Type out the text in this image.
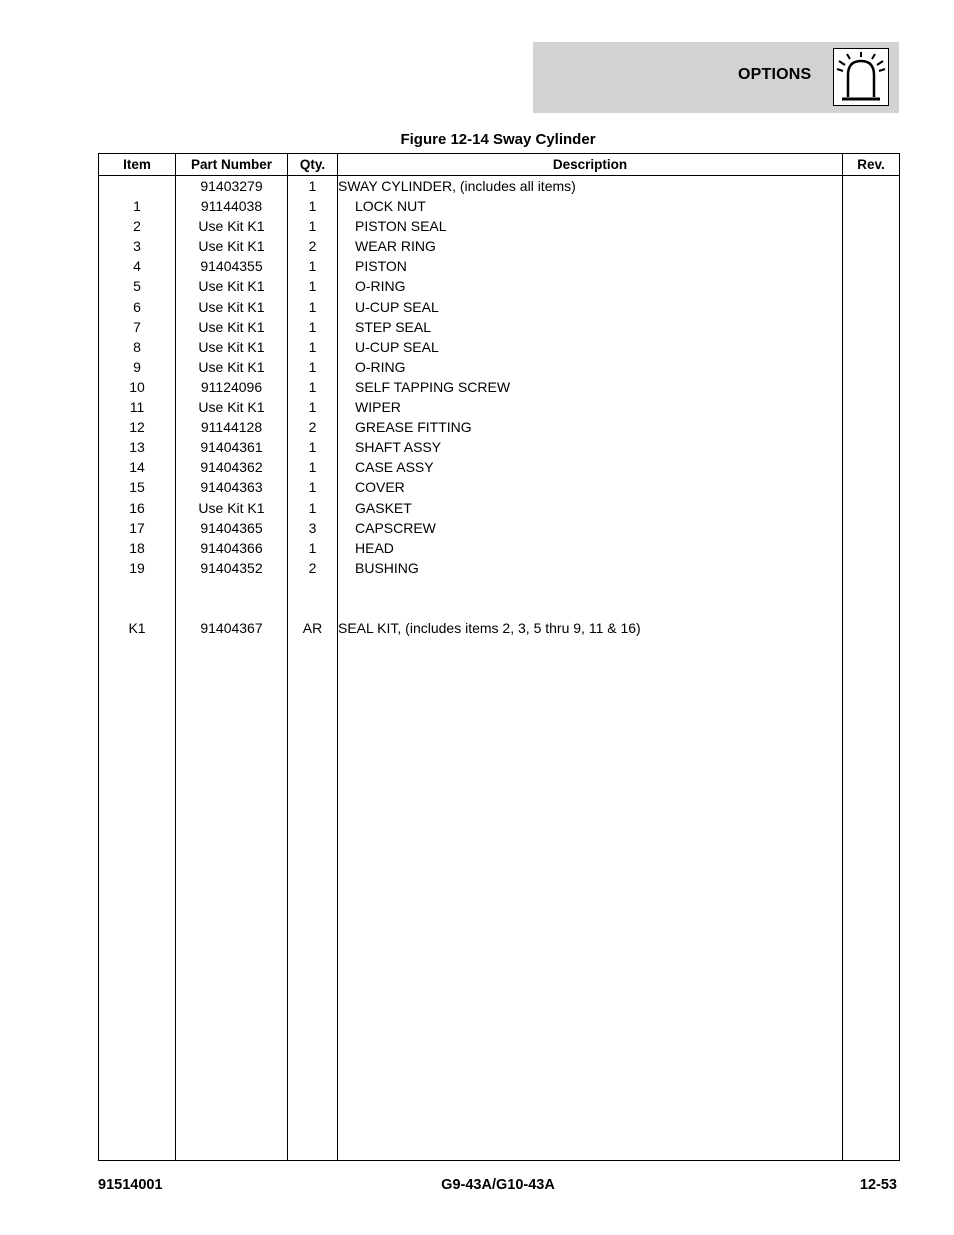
OPTIONS
Figure 12-14 Sway Cylinder
Item	Part Number	Qty.	Description	Rev.
	91403279	1	SWAY CYLINDER, (includes all items)	
1	91144038	1	LOCK NUT	
2	Use Kit K1	1	PISTON SEAL	
3	Use Kit K1	2	WEAR RING	
4	91404355	1	PISTON	
5	Use Kit K1	1	O-RING	
6	Use Kit K1	1	U-CUP SEAL	
7	Use Kit K1	1	STEP SEAL	
8	Use Kit K1	1	U-CUP SEAL	
9	Use Kit K1	1	O-RING	
10	91124096	1	SELF TAPPING SCREW	
11	Use Kit K1	1	WIPER	
12	91144128	2	GREASE FITTING	
13	91404361	1	SHAFT ASSY	
14	91404362	1	CASE ASSY	
15	91404363	1	COVER	
16	Use Kit K1	1	GASKET	
17	91404365	3	CAPSCREW	
18	91404366	1	HEAD	
19	91404352	2	BUSHING	

K1	91404367	AR	SEAL KIT, (includes items 2, 3, 5 thru 9, 11 & 16)	

91514001	G9-43A/G10-43A	12-53
